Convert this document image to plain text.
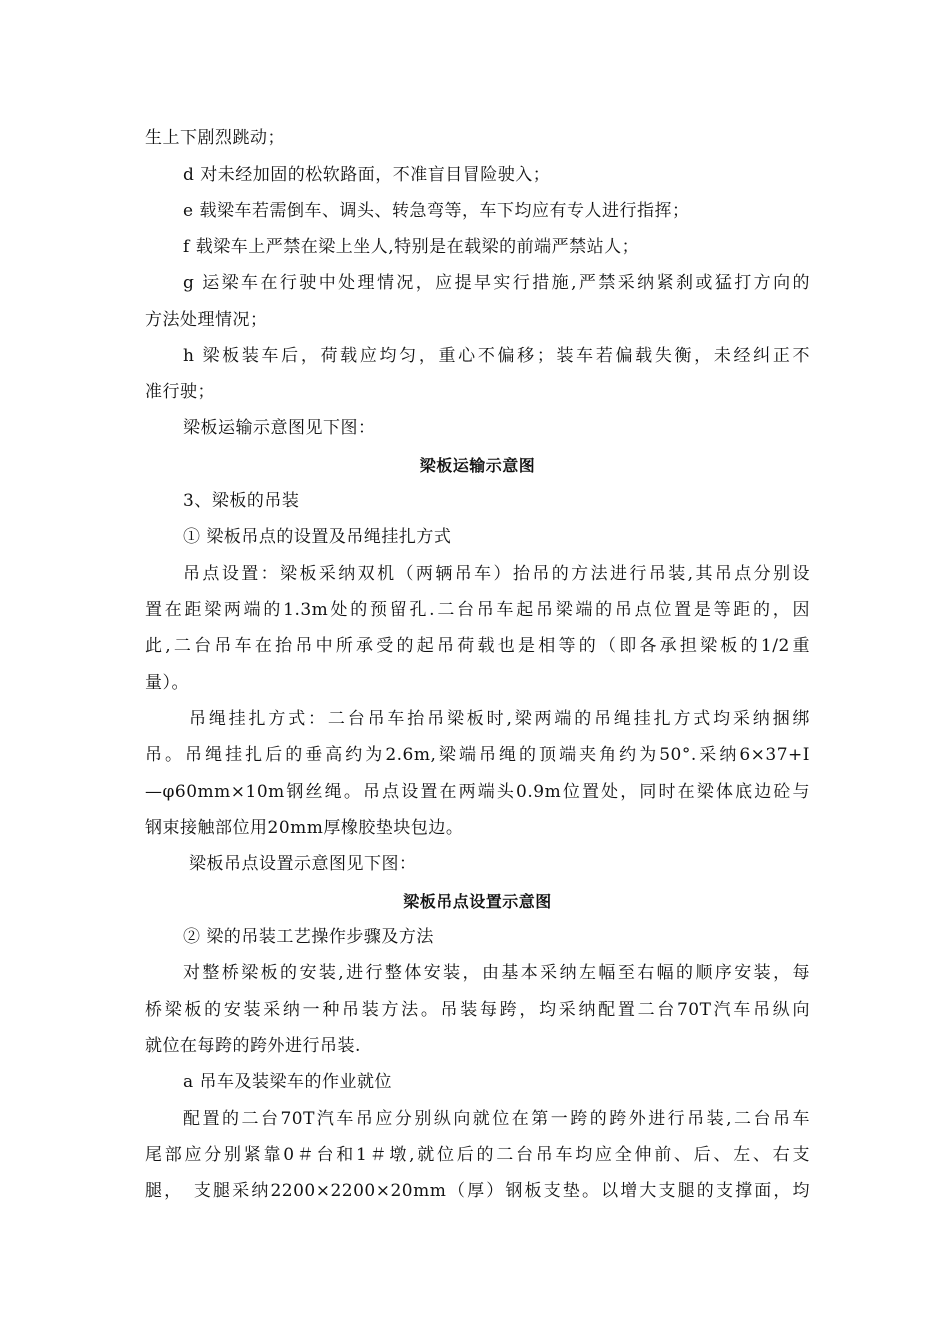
生上下剧烈跳动；
d 对未经加固的松软路面，不准盲目冒险驶入；
e 载梁车若需倒车、调头、转急弯等，车下均应有专人进行指挥；
f 载梁车上严禁在梁上坐人,特别是在载梁的前端严禁站人；
g 运梁车在行驶中处理情况，应提早实行措施,严禁采纳紧刹或猛打方向的
方法处理情况；
h 梁板装车后，荷载应均匀，重心不偏移；装车若偏载失衡，未经纠正不
准行驶；
梁板运输示意图见下图：
梁板运输示意图
3、梁板的吊装
① 梁板吊点的设置及吊绳挂扎方式
吊点设置：梁板采纳双机（两辆吊车）抬吊的方法进行吊装,其吊点分别设
置在距梁两端的1.3m处的预留孔.二台吊车起吊梁端的吊点位置是等距的，因
此,二台吊车在抬吊中所承受的起吊荷载也是相等的（即各承担梁板的1/2重
量）。
吊绳挂扎方式：二台吊车抬吊梁板时,梁两端的吊绳挂扎方式均采纳捆绑
吊。吊绳挂扎后的垂高约为2.6m,梁端吊绳的顶端夹角约为50°.采纳6×37+I
—φ60mm×10m钢丝绳。吊点设置在两端头0.9m位置处，同时在梁体底边砼与
钢束接触部位用20mm厚橡胶垫块包边。
梁板吊点设置示意图见下图：
梁板吊点设置示意图
② 梁的吊装工艺操作步骤及方法
对整桥梁板的安装,进行整体安装，由基本采纳左幅至右幅的顺序安装，每
桥梁板的安装采纳一种吊装方法。吊装每跨，均采纳配置二台70T汽车吊纵向
就位在每跨的跨外进行吊装.
a 吊车及装梁车的作业就位
配置的二台70T汽车吊应分别纵向就位在第一跨的跨外进行吊装,二台吊车
尾部应分别紧靠0＃台和1＃墩,就位后的二台吊车均应全伸前、后、左、右支
腿，　支腿采纳2200×2200×20mm（厚）钢板支垫。以增大支腿的支撑面，均
